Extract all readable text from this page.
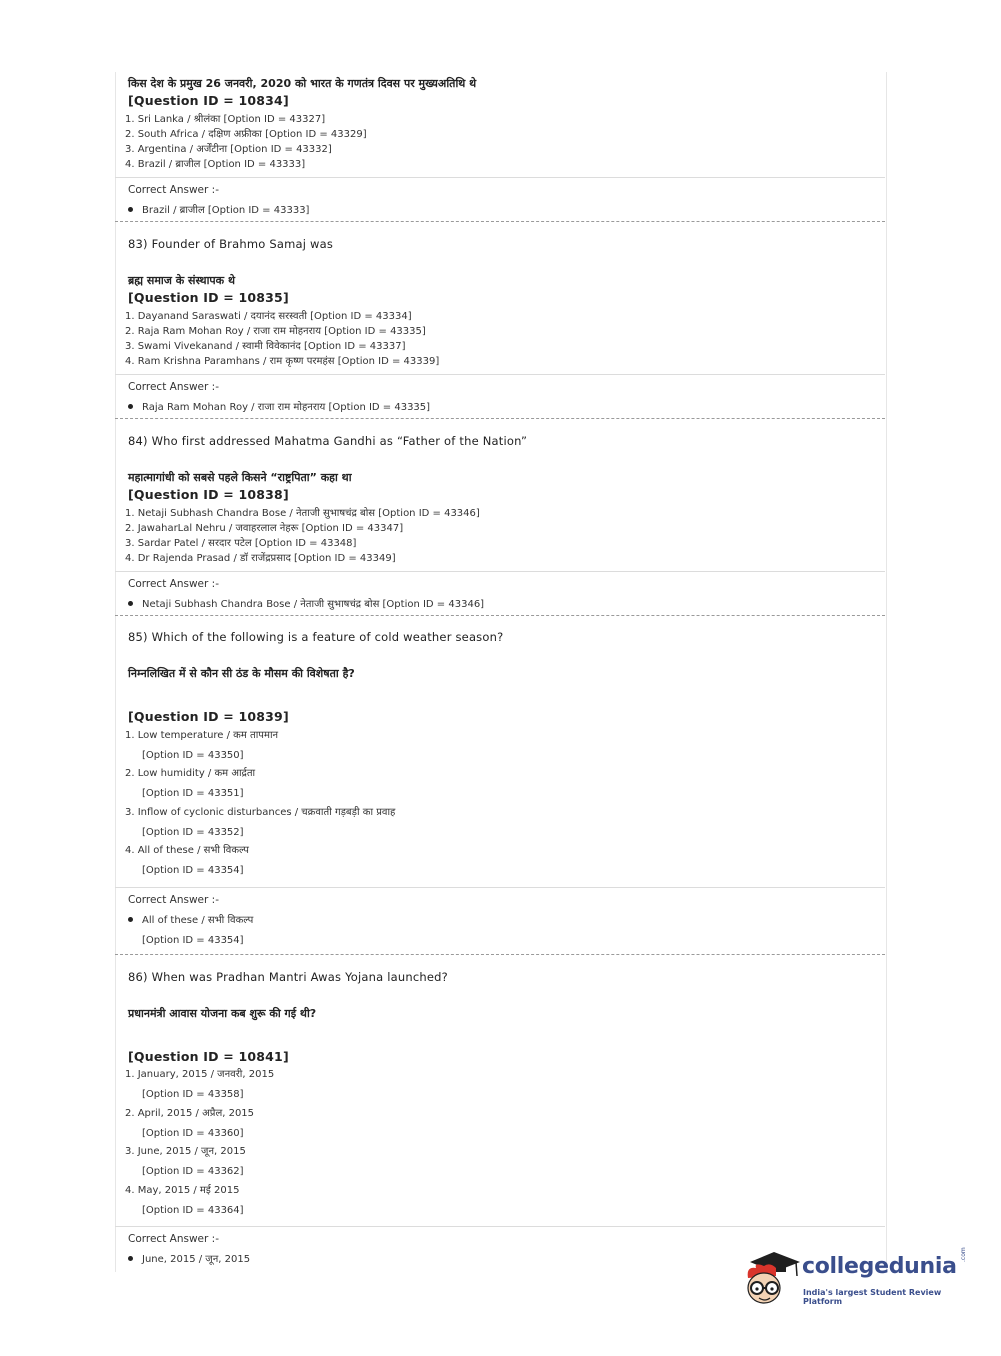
किस देश के प्रमुख 26 जनवरी, 2020 को भारत के गणतंत्र दिवस पर मुख्यअतिथि थे
[Question ID = 10834]
1. Sri Lanka / श्रीलंका [Option ID = 43327]
2. South Africa / दक्षिण अफ्रीका [Option ID = 43329]
3. Argentina / अर्जेंटीना [Option ID = 43332]
4. Brazil / ब्राजील [Option ID = 43333]
Correct Answer :-
Brazil / ब्राजील [Option ID = 43333]
83) Founder of Brahmo Samaj was
ब्रह्म समाज के संस्थापक थे
[Question ID = 10835]
1. Dayanand Saraswati / दयानंद सरस्वती [Option ID = 43334]
2. Raja Ram Mohan Roy / राजा राम मोहनराय [Option ID = 43335]
3. Swami Vivekanand / स्वामी विवेकानंद [Option ID = 43337]
4. Ram Krishna Paramhans / राम कृष्ण परमहंस [Option ID = 43339]
Correct Answer :-
Raja Ram Mohan Roy / राजा राम मोहनराय [Option ID = 43335]
84) Who first addressed Mahatma Gandhi as “Father of the Nation”
महात्मागांधी को सबसे पहले किसने “राष्ट्रपिता” कहा था
[Question ID = 10838]
1. Netaji Subhash Chandra Bose / नेताजी सुभाषचंद्र बोस [Option ID = 43346]
2. JawaharLal Nehru / जवाहरलाल नेहरू [Option ID = 43347]
3. Sardar Patel / सरदार पटेल [Option ID = 43348]
4. Dr Rajenda Prasad / डॉ राजेंद्रप्रसाद [Option ID = 43349]
Correct Answer :-
Netaji Subhash Chandra Bose / नेताजी सुभाषचंद्र बोस [Option ID = 43346]
85) Which of the following is a feature of cold weather season?
निम्नलिखित में से कौन सी ठंड के मौसम की विशेषता है?
[Question ID = 10839]
1. Low temperature / कम तापमान
[Option ID = 43350]
2. Low humidity / कम आर्द्रता
[Option ID = 43351]
3. Inflow of cyclonic disturbances / चक्रवाती गड़बड़ी का प्रवाह
[Option ID = 43352]
4. All of these / सभी विकल्प
[Option ID = 43354]
Correct Answer :-
All of these / सभी विकल्प
[Option ID = 43354]
86) When was Pradhan Mantri Awas Yojana launched?
प्रधानमंत्री आवास योजना कब शुरू की गई थी?
[Question ID = 10841]
1. January, 2015 / जनवरी, 2015
[Option ID = 43358]
2. April, 2015 / अप्रैल, 2015
[Option ID = 43360]
3. June, 2015 / जून, 2015
[Option ID = 43362]
4. May, 2015 / मई 2015
[Option ID = 43364]
Correct Answer :-
June, 2015 / जून, 2015	collegedunia .com
India's largest Student Review Platform
